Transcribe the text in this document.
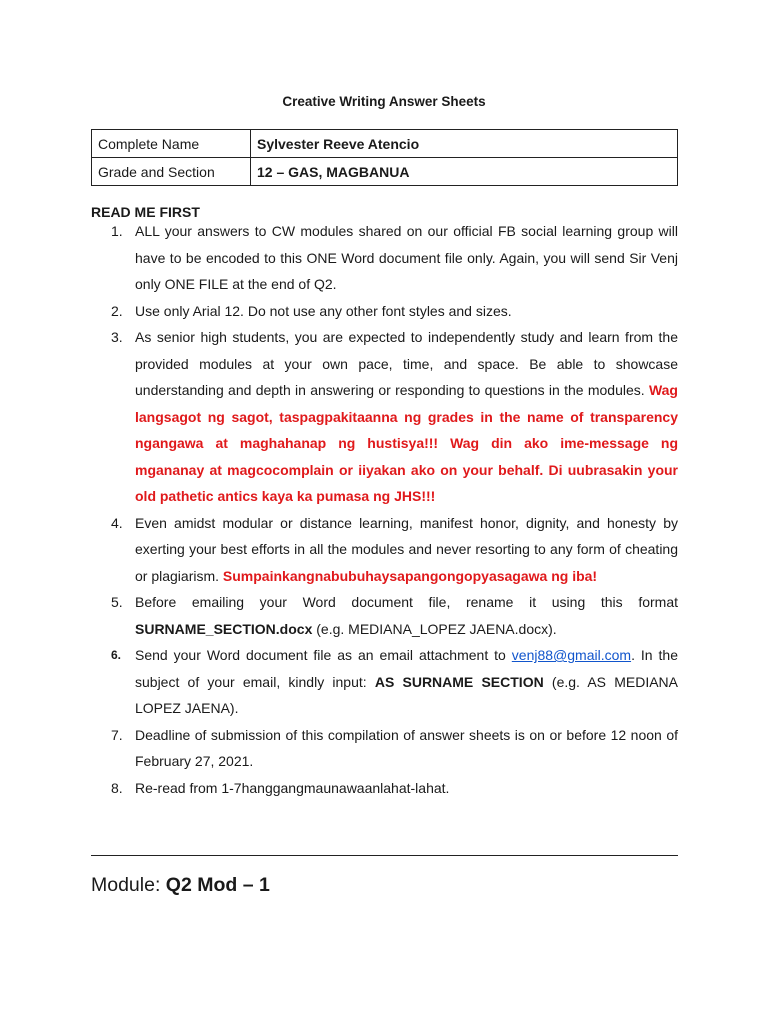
Creative Writing Answer Sheets
Complete Name	Sylvester Reeve Atencio
Grade and Section	12 – GAS, MAGBANUA
READ ME FIRST
1. ALL your answers to CW modules shared on our official FB social learning group will have to be encoded to this ONE Word document file only. Again, you will send Sir Venj only ONE FILE at the end of Q2.
2. Use only Arial 12. Do not use any other font styles and sizes.
3. As senior high students, you are expected to independently study and learn from the provided modules at your own pace, time, and space. Be able to showcase understanding and depth in answering or responding to questions in the modules. Wag langsagot ng sagot, taspagpakitaanna ng grades in the name of transparency ngangawa at maghahanap ng hustisya!!! Wag din ako ime-message ng mgananay at magcocomplain or iiyakan ako on your behalf. Di uubrasakin your old pathetic antics kaya ka pumasa ng JHS!!!
4. Even amidst modular or distance learning, manifest honor, dignity, and honesty by exerting your best efforts in all the modules and never resorting to any form of cheating or plagiarism. Sumpainkangnabubuhaysapangongopyasagawa ng iba!
5. Before emailing your Word document file, rename it using this format SURNAME_SECTION.docx (e.g. MEDIANA_LOPEZ JAENA.docx).
6. Send your Word document file as an email attachment to venj88@gmail.com. In the subject of your email, kindly input: AS SURNAME SECTION (e.g. AS MEDIANA LOPEZ JAENA).
7. Deadline of submission of this compilation of answer sheets is on or before 12 noon of February 27, 2021.
8. Re-read from 1-7hanggangmaunawaanlahat-lahat.
Module: Q2 Mod – 1
